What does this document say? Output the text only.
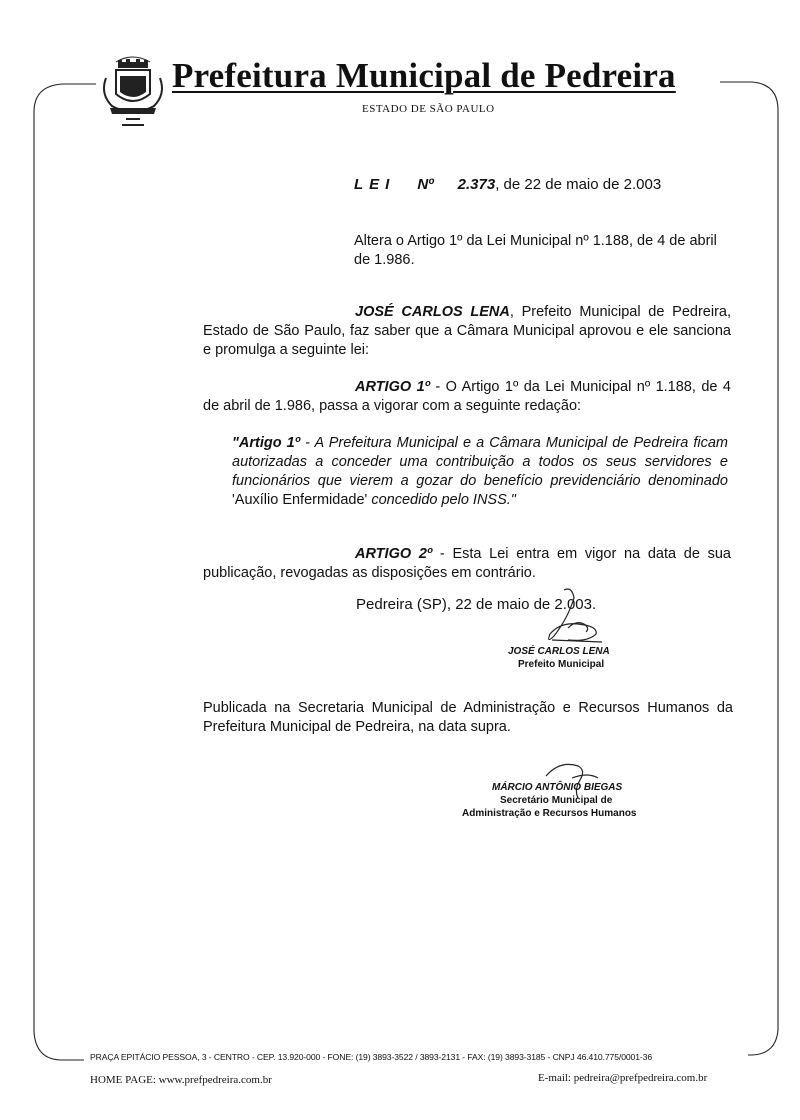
Prefeitura Municipal de Pedreira
ESTADO DE SÃO PAULO
LEI Nº 2.373, de 22 de maio de 2.003
Altera o Artigo 1º da Lei Municipal nº 1.188, de 4 de abril de 1.986.
JOSÉ CARLOS LENA, Prefeito Municipal de Pedreira, Estado de São Paulo, faz saber que a Câmara Municipal aprovou e ele sanciona e promulga a seguinte lei:
ARTIGO 1º - O Artigo 1º da Lei Municipal nº 1.188, de 4 de abril de 1.986, passa a vigorar com a seguinte redação:
"Artigo 1º - A Prefeitura Municipal e a Câmara Municipal de Pedreira ficam autorizadas a conceder uma contribuição a todos os seus servidores e funcionários que vierem a gozar do benefício previdenciário denominado 'Auxílio Enfermidade' concedido pelo INSS."
ARTIGO 2º - Esta Lei entra em vigor na data de sua publicação, revogadas as disposições em contrário.
Pedreira (SP), 22 de maio de 2.003.
JOSÉ CARLOS LENA
Prefeito Municipal
Publicada na Secretaria Municipal de Administração e Recursos Humanos da Prefeitura Municipal de Pedreira, na data supra.
MÁRCIO ANTÔNIO BIEGAS
Secretário Municipal de
Administração e Recursos Humanos
PRAÇA EPITÁCIO PESSOA, 3 - CENTRO - CEP. 13.920-000 - FONE: (19) 3893-3522 / 3893-2131 - FAX: (19) 3893-3185 - CNPJ 46.410.775/0001-36
HOME PAGE: www.prefpedreira.com.br	E-mail: pedreira@prefpedreira.com.br
